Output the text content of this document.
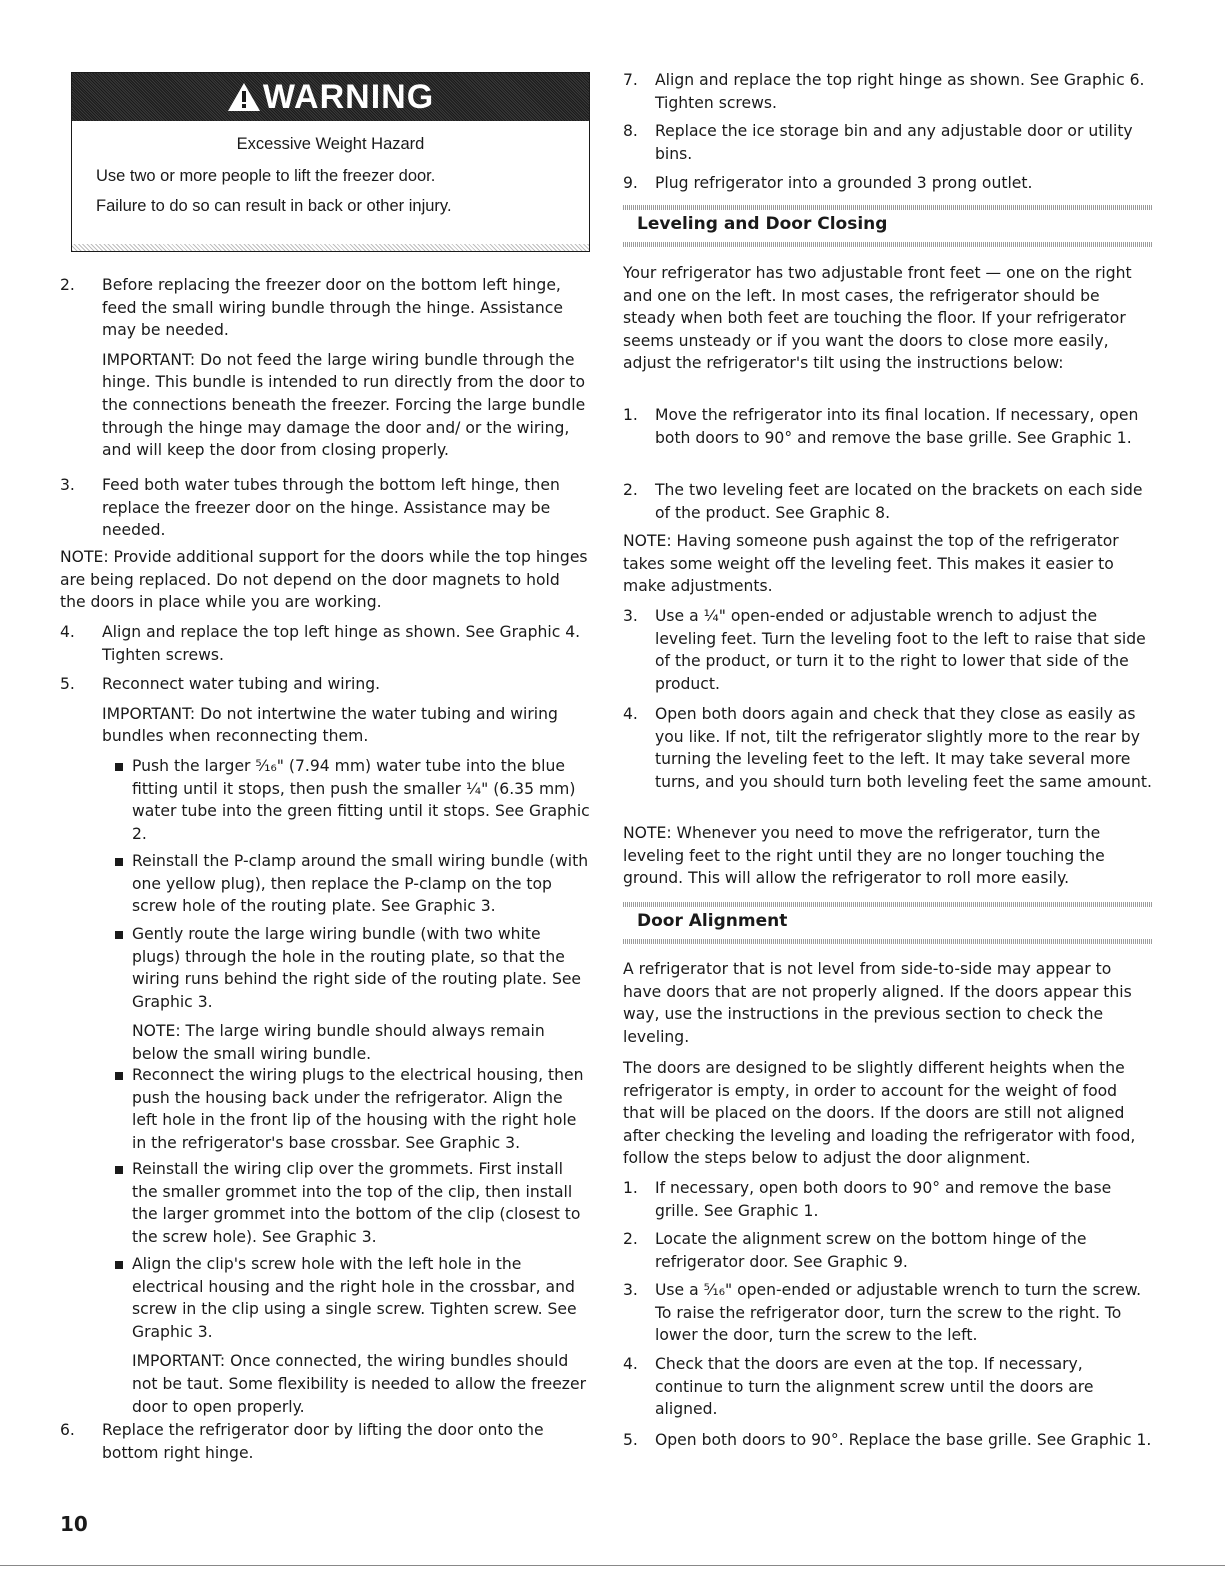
WARNING

Excessive Weight Hazard

Use two or more people to lift the freezer door.

Failure to do so can result in back or other injury.

2. Before replacing the freezer door on the bottom left hinge, feed the small wiring bundle through the hinge. Assistance may be needed.

IMPORTANT: Do not feed the large wiring bundle through the hinge. This bundle is intended to run directly from the door to the connections beneath the freezer. Forcing the large bundle through the hinge may damage the door and/ or the wiring, and will keep the door from closing properly.

3. Feed both water tubes through the bottom left hinge, then replace the freezer door on the hinge. Assistance may be needed.

NOTE: Provide additional support for the doors while the top hinges are being replaced. Do not depend on the door magnets to hold the doors in place while you are working.

4. Align and replace the top left hinge as shown. See Graphic 4. Tighten screws.

5. Reconnect water tubing and wiring.

IMPORTANT: Do not intertwine the water tubing and wiring bundles when reconnecting them.

Push the larger ⁵⁄₁₆" (7.94 mm) water tube into the blue fitting until it stops, then push the smaller ¹⁄₄" (6.35 mm) water tube into the green fitting until it stops. See Graphic 2.

Reinstall the P-clamp around the small wiring bundle (with one yellow plug), then replace the P-clamp on the top screw hole of the routing plate. See Graphic 3.

Gently route the large wiring bundle (with two white plugs) through the hole in the routing plate, so that the wiring runs behind the right side of the routing plate. See Graphic 3.

NOTE: The large wiring bundle should always remain below the small wiring bundle.

Reconnect the wiring plugs to the electrical housing, then push the housing back under the refrigerator. Align the left hole in the front lip of the housing with the right hole in the refrigerator's base crossbar. See Graphic 3.

Reinstall the wiring clip over the grommets. First install the smaller grommet into the top of the clip, then install the larger grommet into the bottom of the clip (closest to the screw hole). See Graphic 3.

Align the clip's screw hole with the left hole in the electrical housing and the right hole in the crossbar, and screw in the clip using a single screw. Tighten screw. See Graphic 3.

IMPORTANT: Once connected, the wiring bundles should not be taut. Some flexibility is needed to allow the freezer door to open properly.

6. Replace the refrigerator door by lifting the door onto the bottom right hinge.

7. Align and replace the top right hinge as shown. See Graphic 6. Tighten screws.

8. Replace the ice storage bin and any adjustable door or utility bins.

9. Plug refrigerator into a grounded 3 prong outlet.

Your refrigerator has two adjustable front feet — one on the right and one on the left. In most cases, the refrigerator should be steady when both feet are touching the floor. If your refrigerator seems unsteady or if you want the doors to close more easily, adjust the refrigerator's tilt using the instructions below:

1. Move the refrigerator into its final location. If necessary, open both doors to 90° and remove the base grille. See Graphic 1.

2. The two leveling feet are located on the brackets on each side of the product. See Graphic 8.

NOTE: Having someone push against the top of the refrigerator takes some weight off the leveling feet. This makes it easier to make adjustments.

3. Use a ¹⁄₄" open-ended or adjustable wrench to adjust the leveling feet. Turn the leveling foot to the left to raise that side of the product, or turn it to the right to lower that side of the product.

4. Open both doors again and check that they close as easily as you like. If not, tilt the refrigerator slightly more to the rear by turning the leveling feet to the left. It may take several more turns, and you should turn both leveling feet the same amount.

NOTE: Whenever you need to move the refrigerator, turn the leveling feet to the right until they are no longer touching the ground. This will allow the refrigerator to roll more easily.

A refrigerator that is not level from side-to-side may appear to have doors that are not properly aligned. If the doors appear this way, use the instructions in the previous section to check the leveling.

The doors are designed to be slightly different heights when the refrigerator is empty, in order to account for the weight of food that will be placed on the doors. If the doors are still not aligned after checking the leveling and loading the refrigerator with food, follow the steps below to adjust the door alignment.

1. If necessary, open both doors to 90° and remove the base grille. See Graphic 1.

2. Locate the alignment screw on the bottom hinge of the refrigerator door. See Graphic 9.

3. Use a ⁵⁄₁₆" open-ended or adjustable wrench to turn the screw. To raise the refrigerator door, turn the screw to the right. To lower the door, turn the screw to the left.

4. Check that the doors are even at the top. If necessary, continue to turn the alignment screw until the doors are aligned.

5. Open both doors to 90°. Replace the base grille. See Graphic 1.

Leveling and Door Closing
Door Alignment
10
